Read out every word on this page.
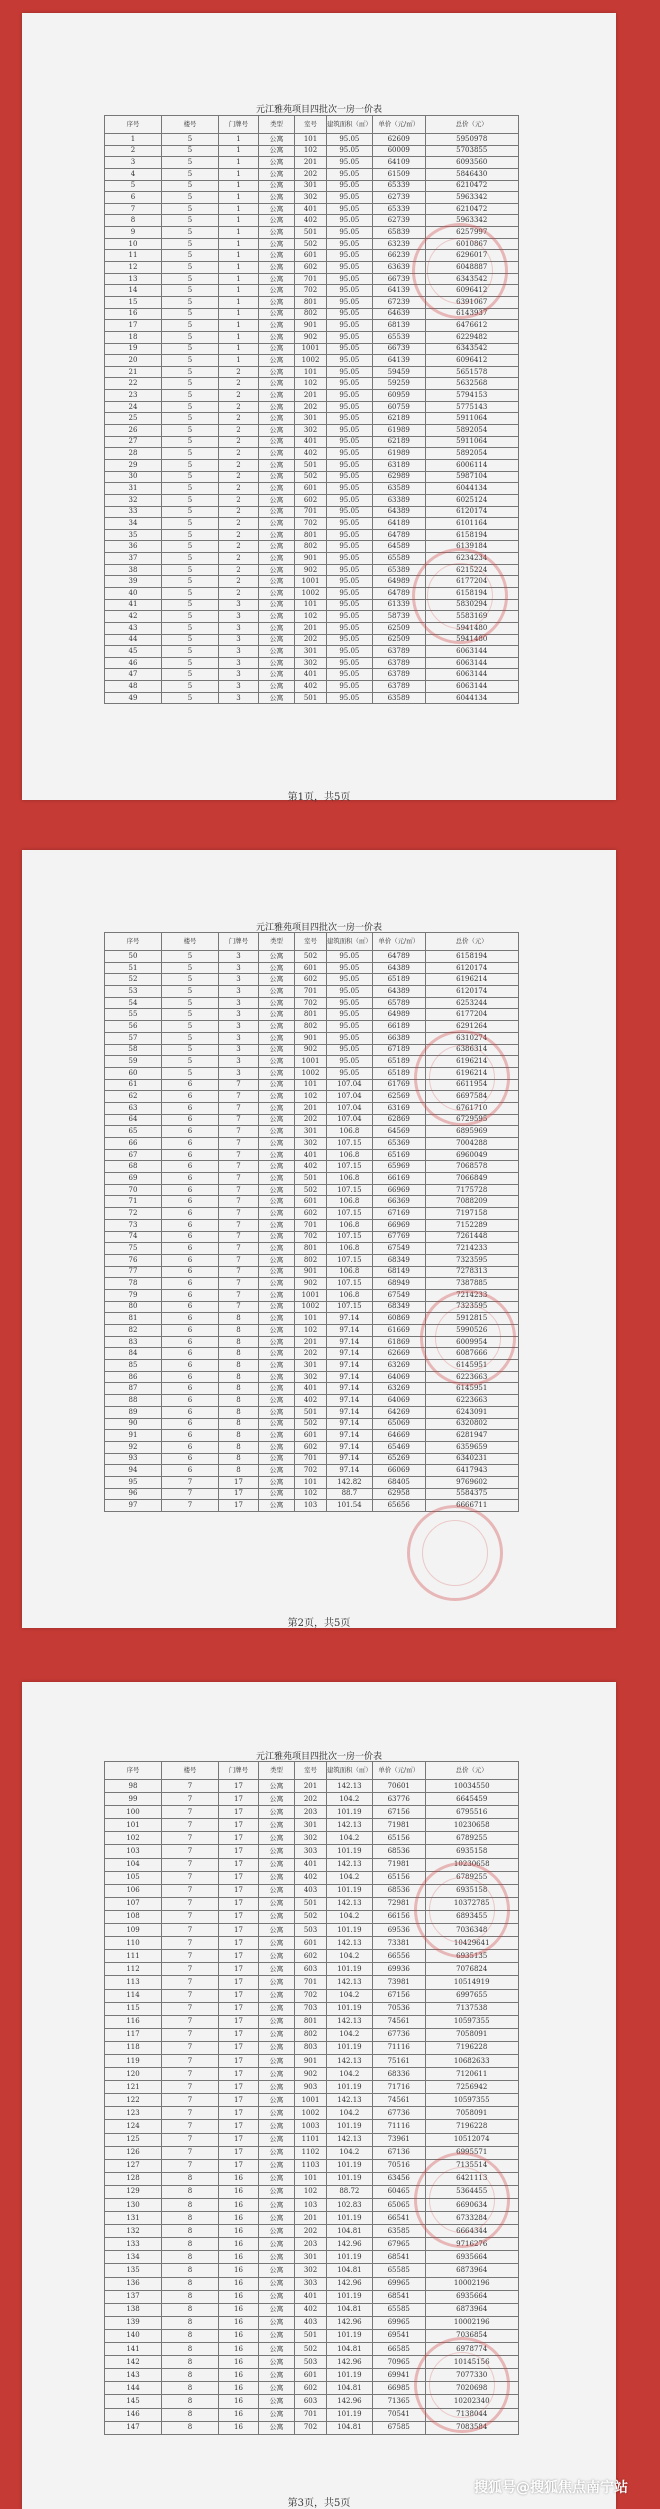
元江雅苑项目四批次一房一价表
序号	楼号	门牌号	类型	室号	建筑面积（㎡）	单价（元/㎡）	总价（元）
1	5	1	公寓	101	95.05	62609	5950978
2	5	1	公寓	102	95.05	60009	5703855
3	5	1	公寓	201	95.05	64109	6093560
4	5	1	公寓	202	95.05	61509	5846430
5	5	1	公寓	301	95.05	65339	6210472
6	5	1	公寓	302	95.05	62739	5963342
7	5	1	公寓	401	95.05	65339	6210472
8	5	1	公寓	402	95.05	62739	5963342
9	5	1	公寓	501	95.05	65839	6257997
10	5	1	公寓	502	95.05	63239	6010867
11	5	1	公寓	601	95.05	66239	6296017
12	5	1	公寓	602	95.05	63639	6048887
13	5	1	公寓	701	95.05	66739	6343542
14	5	1	公寓	702	95.05	64139	6096412
15	5	1	公寓	801	95.05	67239	6391067
16	5	1	公寓	802	95.05	64639	6143937
17	5	1	公寓	901	95.05	68139	6476612
18	5	1	公寓	902	95.05	65539	6229482
19	5	1	公寓	1001	95.05	66739	6343542
20	5	1	公寓	1002	95.05	64139	6096412
21	5	2	公寓	101	95.05	59459	5651578
22	5	2	公寓	102	95.05	59259	5632568
23	5	2	公寓	201	95.05	60959	5794153
24	5	2	公寓	202	95.05	60759	5775143
25	5	2	公寓	301	95.05	62189	5911064
26	5	2	公寓	302	95.05	61989	5892054
27	5	2	公寓	401	95.05	62189	5911064
28	5	2	公寓	402	95.05	61989	5892054
29	5	2	公寓	501	95.05	63189	6006114
30	5	2	公寓	502	95.05	62989	5987104
31	5	2	公寓	601	95.05	63589	6044134
32	5	2	公寓	602	95.05	63389	6025124
33	5	2	公寓	701	95.05	64389	6120174
34	5	2	公寓	702	95.05	64189	6101164
35	5	2	公寓	801	95.05	64789	6158194
36	5	2	公寓	802	95.05	64589	6139184
37	5	2	公寓	901	95.05	65589	6234234
38	5	2	公寓	902	95.05	65389	6215224
39	5	2	公寓	1001	95.05	64989	6177204
40	5	2	公寓	1002	95.05	64789	6158194
41	5	3	公寓	101	95.05	61339	5830294
42	5	3	公寓	102	95.05	58739	5583169
43	5	3	公寓	201	95.05	62509	5941480
44	5	3	公寓	202	95.05	62509	5941480
45	5	3	公寓	301	95.05	63789	6063144
46	5	3	公寓	302	95.05	63789	6063144
47	5	3	公寓	401	95.05	63789	6063144
48	5	3	公寓	402	95.05	63789	6063144
49	5	3	公寓	501	95.05	63589	6044134
第1页，共5页
元江雅苑项目四批次一房一价表
序号	楼号	门牌号	类型	室号	建筑面积（㎡）	单价（元/㎡）	总价（元）
50	5	3	公寓	502	95.05	64789	6158194
51	5	3	公寓	601	95.05	64389	6120174
52	5	3	公寓	602	95.05	65189	6196214
53	5	3	公寓	701	95.05	64389	6120174
54	5	3	公寓	702	95.05	65789	6253244
55	5	3	公寓	801	95.05	64989	6177204
56	5	3	公寓	802	95.05	66189	6291264
57	5	3	公寓	901	95.05	66389	6310274
58	5	3	公寓	902	95.05	67189	6386314
59	5	3	公寓	1001	95.05	65189	6196214
60	5	3	公寓	1002	95.05	65189	6196214
61	6	7	公寓	101	107.04	61769	6611954
62	6	7	公寓	102	107.04	62569	6697584
63	6	7	公寓	201	107.04	63169	6761710
64	6	7	公寓	202	107.04	62869	6729595
65	6	7	公寓	301	106.8	64569	6895969
66	6	7	公寓	302	107.15	65369	7004288
67	6	7	公寓	401	106.8	65169	6960049
68	6	7	公寓	402	107.15	65969	7068578
69	6	7	公寓	501	106.8	66169	7066849
70	6	7	公寓	502	107.15	66969	7175728
71	6	7	公寓	601	106.8	66369	7088209
72	6	7	公寓	602	107.15	67169	7197158
73	6	7	公寓	701	106.8	66969	7152289
74	6	7	公寓	702	107.15	67769	7261448
75	6	7	公寓	801	106.8	67549	7214233
76	6	7	公寓	802	107.15	68349	7323595
77	6	7	公寓	901	106.8	68149	7278313
78	6	7	公寓	902	107.15	68949	7387885
79	6	7	公寓	1001	106.8	67549	7214233
80	6	7	公寓	1002	107.15	68349	7323595
81	6	8	公寓	101	97.14	60869	5912815
82	6	8	公寓	102	97.14	61669	5990526
83	6	8	公寓	201	97.14	61869	6009954
84	6	8	公寓	202	97.14	62669	6087666
85	6	8	公寓	301	97.14	63269	6145951
86	6	8	公寓	302	97.14	64069	6223663
87	6	8	公寓	401	97.14	63269	6145951
88	6	8	公寓	402	97.14	64069	6223663
89	6	8	公寓	501	97.14	64269	6243091
90	6	8	公寓	502	97.14	65069	6320802
91	6	8	公寓	601	97.14	64669	6281947
92	6	8	公寓	602	97.14	65469	6359659
93	6	8	公寓	701	97.14	65269	6340231
94	6	8	公寓	702	97.14	66069	6417943
95	7	17	公寓	101	142.82	68405	9769602
96	7	17	公寓	102	88.7	62958	5584375
97	7	17	公寓	103	101.54	65656	6666711
第2页，共5页
元江雅苑项目四批次一房一价表
序号	楼号	门牌号	类型	室号	建筑面积（㎡）	单价（元/㎡）	总价（元）
98	7	17	公寓	201	142.13	70601	10034550
99	7	17	公寓	202	104.2	63776	6645459
100	7	17	公寓	203	101.19	67156	6795516
101	7	17	公寓	301	142.13	71981	10230658
102	7	17	公寓	302	104.2	65156	6789255
103	7	17	公寓	303	101.19	68536	6935158
104	7	17	公寓	401	142.13	71981	10230658
105	7	17	公寓	402	104.2	65156	6789255
106	7	17	公寓	403	101.19	68536	6935158
107	7	17	公寓	501	142.13	72981	10372785
108	7	17	公寓	502	104.2	66156	6893455
109	7	17	公寓	503	101.19	69536	7036348
110	7	17	公寓	601	142.13	73381	10429641
111	7	17	公寓	602	104.2	66556	6935135
112	7	17	公寓	603	101.19	69936	7076824
113	7	17	公寓	701	142.13	73981	10514919
114	7	17	公寓	702	104.2	67156	6997655
115	7	17	公寓	703	101.19	70536	7137538
116	7	17	公寓	801	142.13	74561	10597355
117	7	17	公寓	802	104.2	67736	7058091
118	7	17	公寓	803	101.19	71116	7196228
119	7	17	公寓	901	142.13	75161	10682633
120	7	17	公寓	902	104.2	68336	7120611
121	7	17	公寓	903	101.19	71716	7256942
122	7	17	公寓	1001	142.13	74561	10597355
123	7	17	公寓	1002	104.2	67736	7058091
124	7	17	公寓	1003	101.19	71116	7196228
125	7	17	公寓	1101	142.13	73961	10512074
126	7	17	公寓	1102	104.2	67136	6995571
127	7	17	公寓	1103	101.19	70516	7135514
128	8	16	公寓	101	101.19	63456	6421113
129	8	16	公寓	102	88.72	60465	5364455
130	8	16	公寓	103	102.83	65065	6690634
131	8	16	公寓	201	101.19	66541	6733284
132	8	16	公寓	202	104.81	63585	6664344
133	8	16	公寓	203	142.96	67965	9716276
134	8	16	公寓	301	101.19	68541	6935664
135	8	16	公寓	302	104.81	65585	6873964
136	8	16	公寓	303	142.96	69965	10002196
137	8	16	公寓	401	101.19	68541	6935664
138	8	16	公寓	402	104.81	65585	6873964
139	8	16	公寓	403	142.96	69965	10002196
140	8	16	公寓	501	101.19	69541	7036854
141	8	16	公寓	502	104.81	66585	6978774
142	8	16	公寓	503	142.96	70965	10145156
143	8	16	公寓	601	101.19	69941	7077330
144	8	16	公寓	602	104.81	66985	7020698
145	8	16	公寓	603	142.96	71365	10202340
146	8	16	公寓	701	101.19	70541	7138044
147	8	16	公寓	702	104.81	67585	7083584
第3页，共5页
搜狐号@搜狐焦点南宁站
